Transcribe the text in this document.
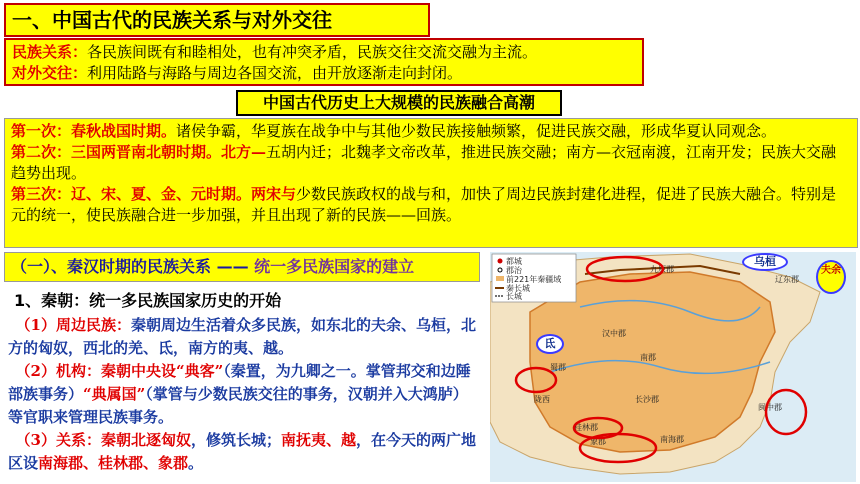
一、中国古代的民族关系与对外交往
民族关系：各民族间既有和睦相处，也有冲突矛盾，民族交往交流交融为主流。
对外交往：利用陆路与海路与周边各国交流，由开放逐渐走向封闭。
中国古代历史上大规模的民族融合高潮

第一次：春秋战国时期。诸侯争霸，华夏族在战争中与其他少数民族接触频繁，促进民族交融，形成华夏认同观念。

第二次：三国两晋南北朝时期。北方—五胡内迁；北魏孝文帝改革，推进民族交融；南方—衣冠南渡，江南开发；民族大交融趋势出现。

第三次：辽、宋、夏、金、元时期。两宋与少数民族政权的战与和，加快了周边民族封建化进程，促进了民族大融合。特别是元的统一，使民族融合进一步加强，并且出现了新的民族——回族。

（一）、秦汉时期的民族关系 —— 统一多民族国家的建立
1、秦朝：统一多民族国家历史的开始

　（1）周边民族：秦朝周边生活着众多民族，如东北的夫余、乌桓，北方的匈奴，西北的羌、氐，南方的夷、越。

　（2）机构：秦朝中央设“典客”（秦置，为九卿之一。掌管邦交和边陲部族事务）“典属国”（掌管与少数民族交往的事务，汉朝并入大鸿胪） 等官职来管理民族事务。

　（3）关系：秦朝北逐匈奴，修筑长城；南抚夷、越，在今天的两广地区设南海郡、桂林郡、象郡。

都城
郡治
前221年秦疆域
秦长城
长城
九原郡
辽东郡
蜀郡
南郡
汉中郡
长沙郡
闽中郡
桂林郡
象郡	南海郡
陇西
乌桓
夫余
氐
